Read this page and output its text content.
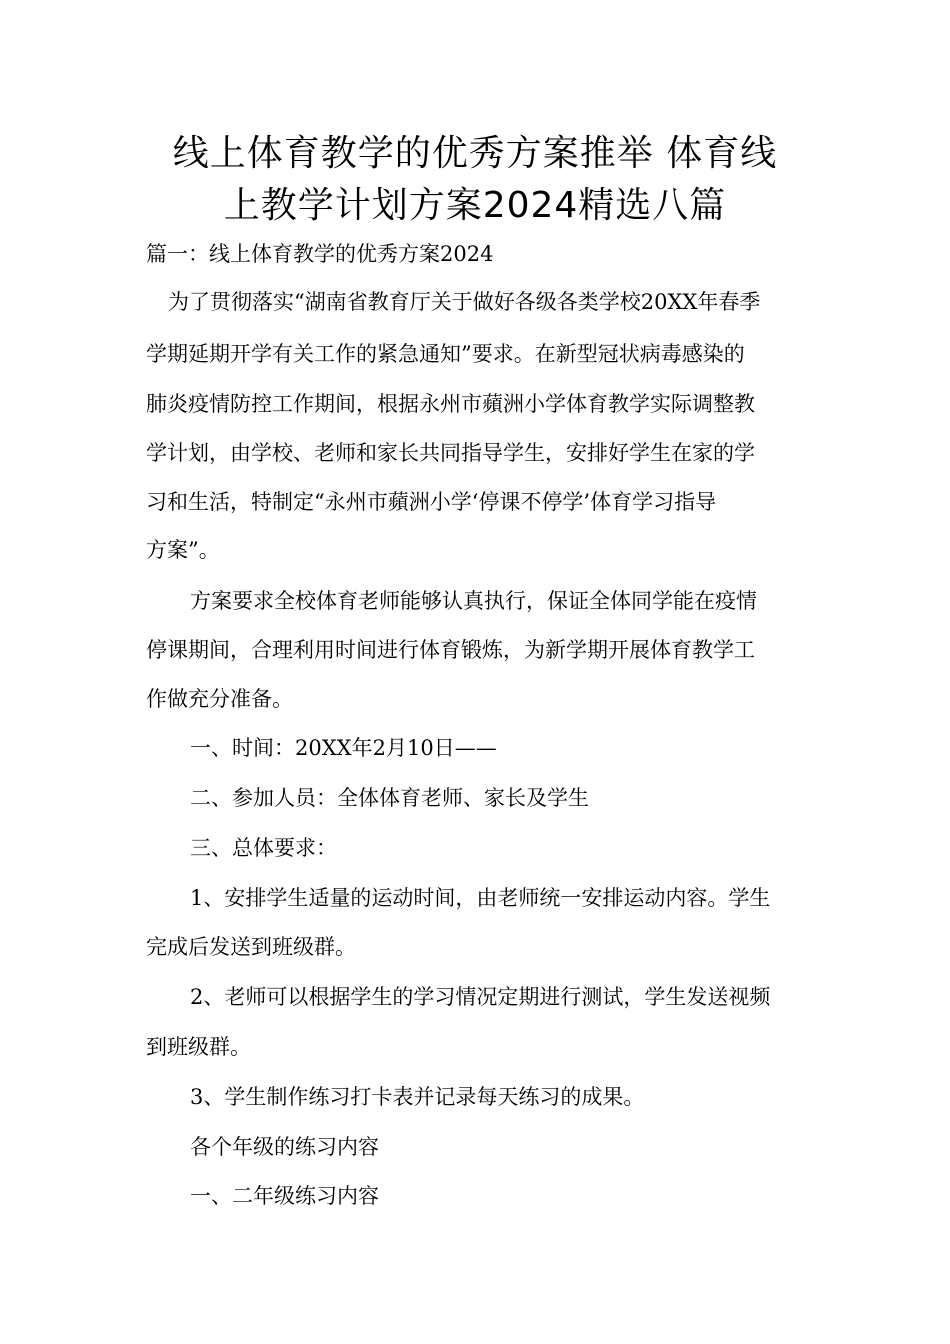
线上体育教学的优秀方案推举 体育线
上教学计划方案2024精选八篇
篇一：线上体育教学的优秀方案2024
为了贯彻落实“湖南省教育厅关于做好各级各类学校20XX年春季
学期延期开学有关工作的紧急通知”要求。在新型冠状病毒感染的
肺炎疫情防控工作期间，根据永州市蘋洲小学体育教学实际调整教
学计划，由学校、老师和家长共同指导学生，安排好学生在家的学
习和生活，特制定“永州市蘋洲小学‘停课不停学’体育学习指导
方案”。
方案要求全校体育老师能够认真执行，保证全体同学能在疫情
停课期间，合理利用时间进行体育锻炼，为新学期开展体育教学工
作做充分准备。
一、时间：20XX年2月10日——
二、参加人员：全体体育老师、家长及学生
三、总体要求：
1、安排学生适量的运动时间，由老师统一安排运动内容。学生
完成后发送到班级群。
2、老师可以根据学生的学习情况定期进行测试，学生发送视频
到班级群。
3、学生制作练习打卡表并记录每天练习的成果。
各个年级的练习内容
一、二年级练习内容
